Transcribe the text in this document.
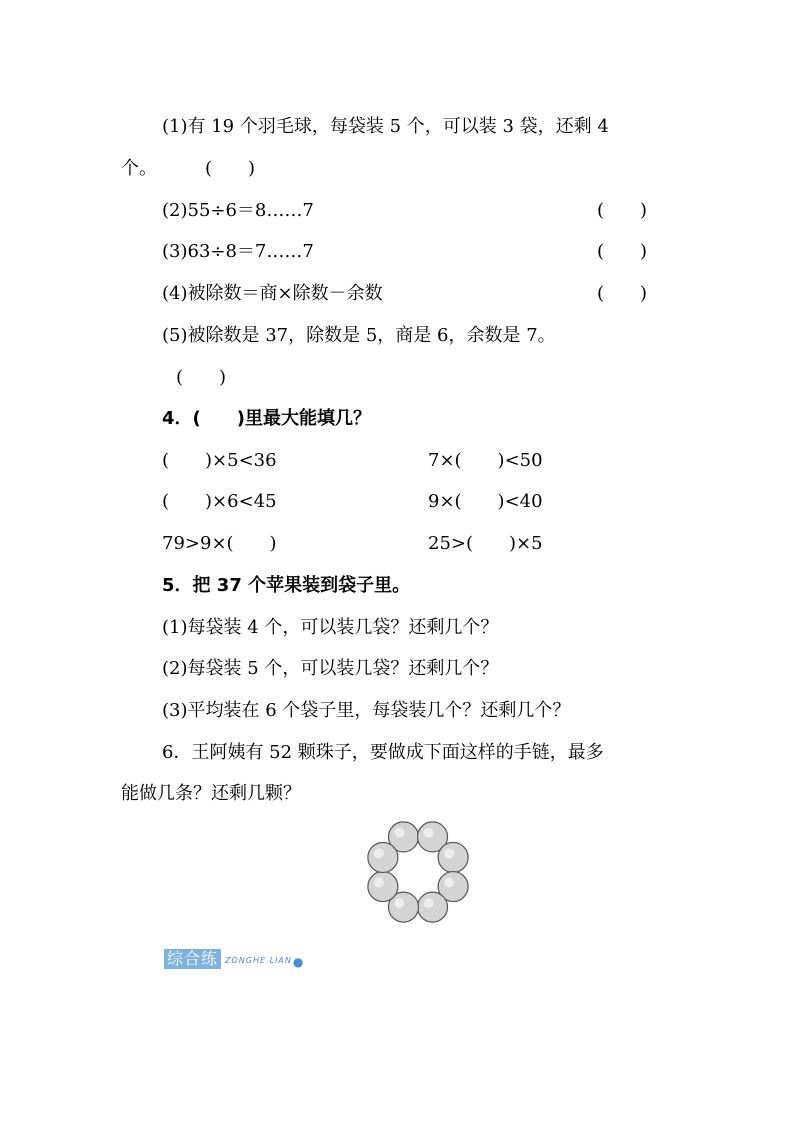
(1)有 19 个羽毛球，每袋装 5 个，可以装 3 袋，还剩 4
个。	(　　)
(2)55÷6＝8……7	(　　)
(3)63÷8＝7……7	(　　)
(4)被除数＝商×除数－余数	(　　)
(5)被除数是 37，除数是 5，商是 6，余数是 7。
(　　)
4．(　　)里最大能填几？
(　　)×5<36	7×(　　)<50
(　　)×6<45	9×(　　)<40
79>9×(　　)	25>(　　)×5
5．把 37 个苹果装到袋子里。
(1)每袋装 4 个，可以装几袋？还剩几个？
(2)每袋装 5 个，可以装几袋？还剩几个？
(3)平均装在 6 个袋子里，每袋装几个？还剩几个？
6．王阿姨有 52 颗珠子，要做成下面这样的手链，最多
能做几条？还剩几颗？
综合练 ZONGHE LIAN ●
